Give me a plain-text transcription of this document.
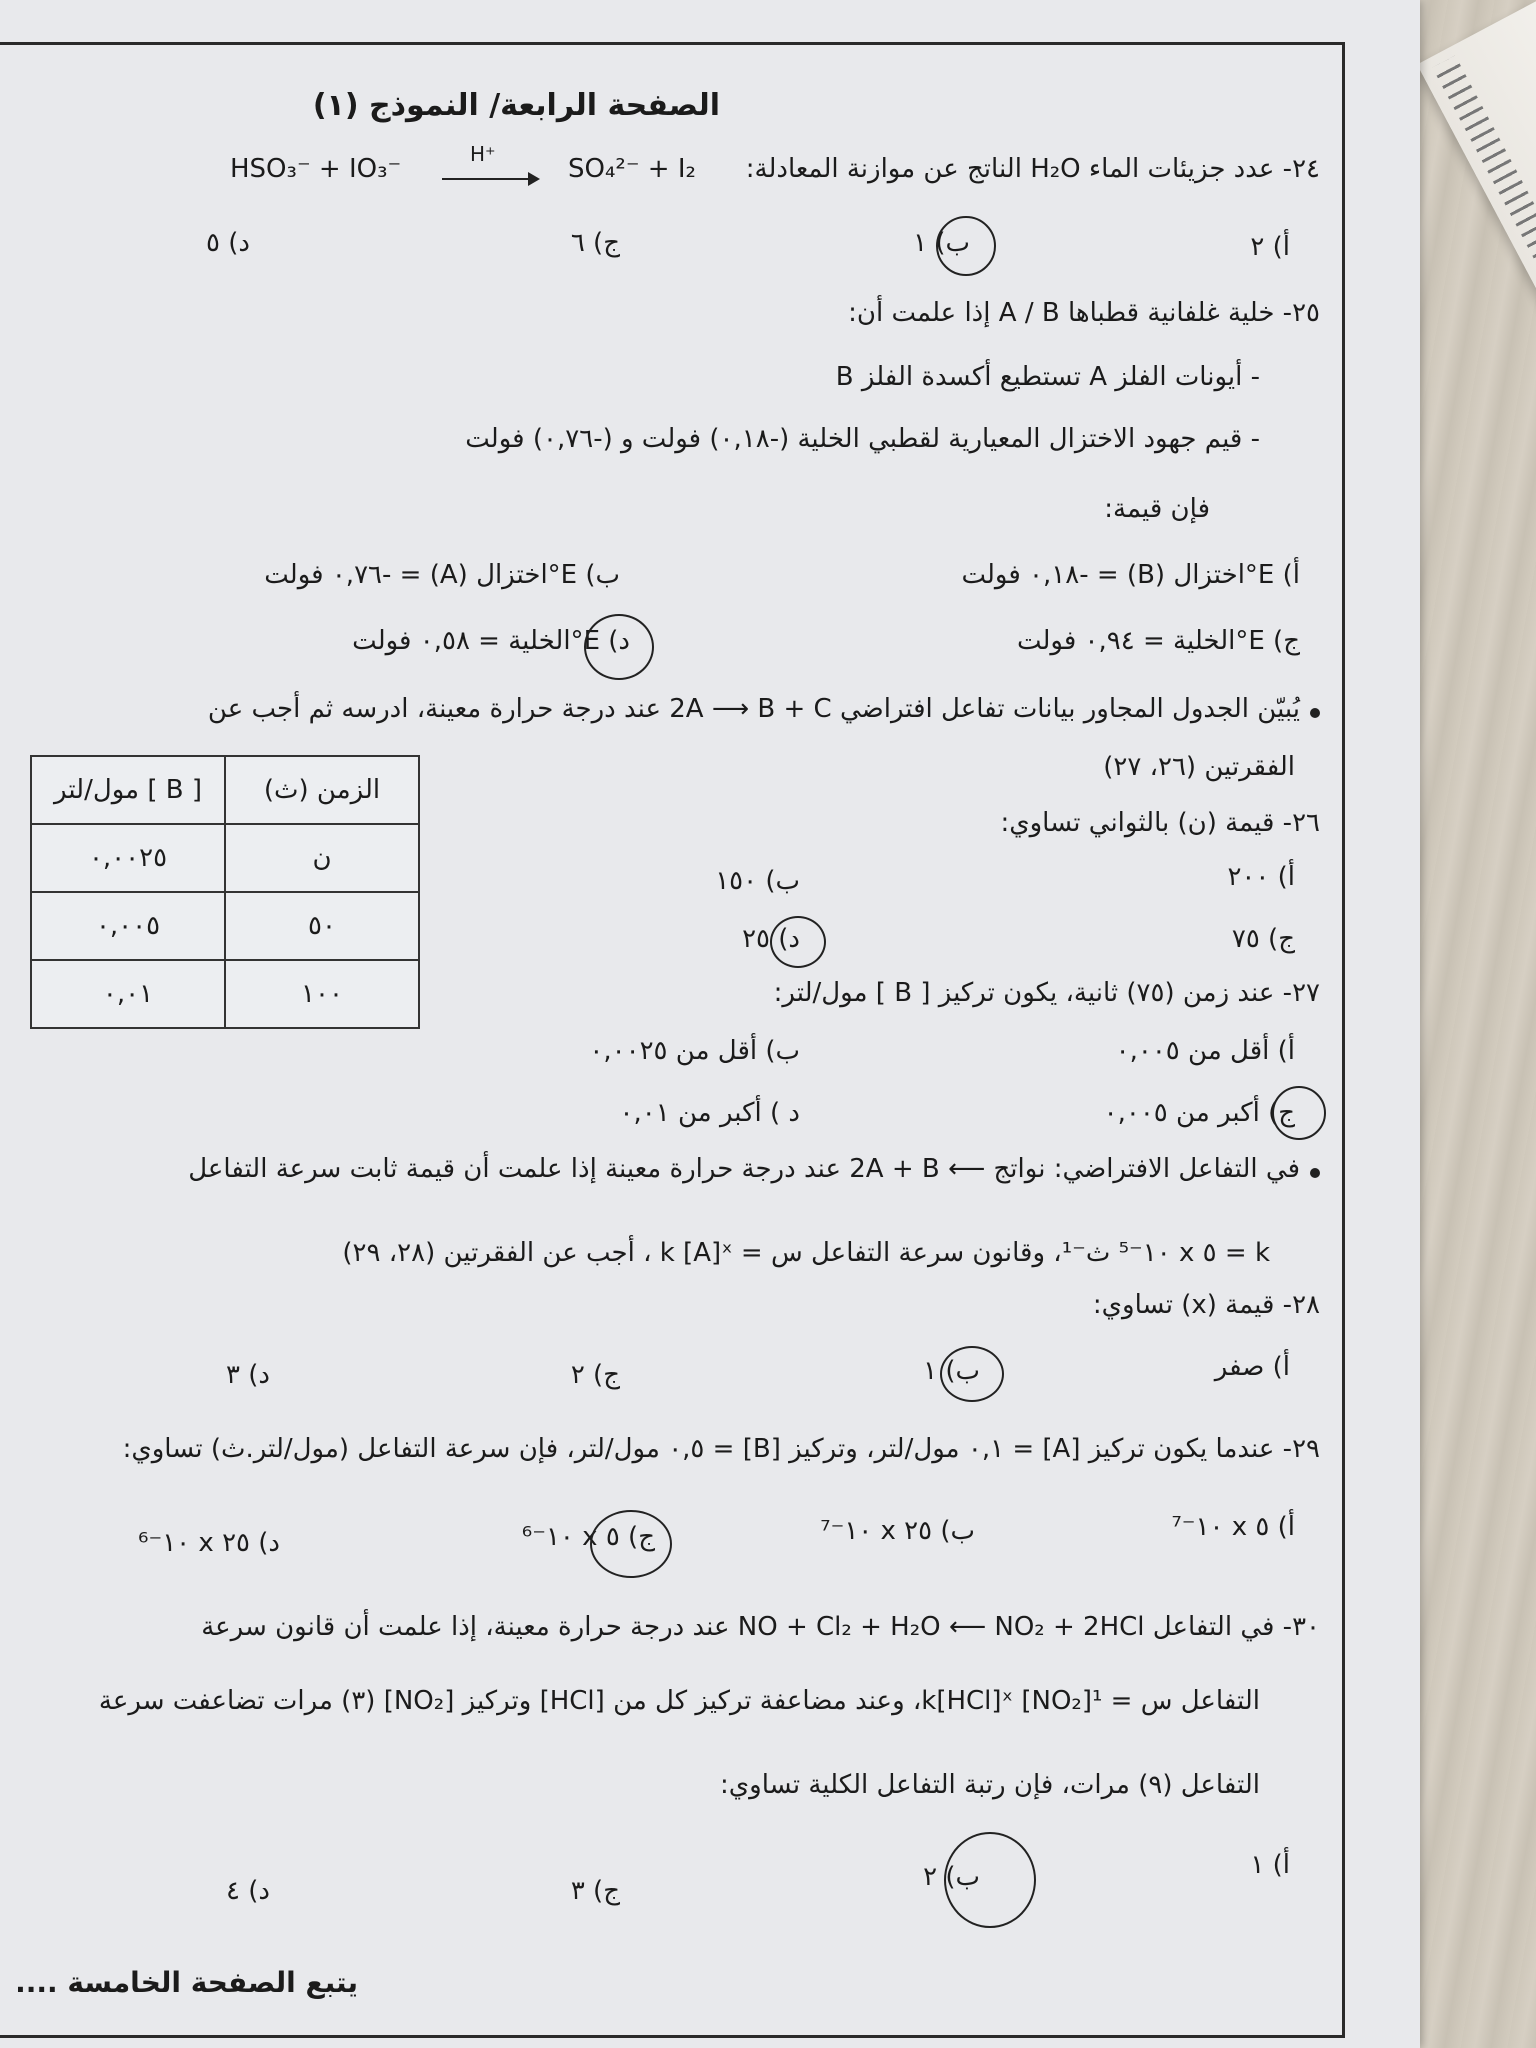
الصفحة الرابعة/ النموذج (١)
٢٤- عدد جزيئات الماء H₂O الناتج عن موازنة المعادلة:
HSO₃⁻ + IO₃⁻	H⁺	SO₄²⁻ + I₂
أ) ٢
ب) ١
ج) ٦
د) ٥
٢٥- خلية غلفانية قطباها A / B إذا علمت أن:
- أيونات الفلز A تستطيع أكسدة الفلز B
- قيم جهود الاختزال المعيارية لقطبي الخلية (-٠,١٨) فولت و (-٠,٧٦) فولت
فإن قيمة:
أ) E°اختزال (B) = -٠,١٨ فولت
ب) E°اختزال (A) = -٠,٧٦ فولت
ج) E°الخلية = ٠,٩٤ فولت
د) E°الخلية = ٠,٥٨ فولت
يُبيّن الجدول المجاور بيانات تفاعل افتراضي 2A ⟶ B + C عند درجة حرارة معينة، ادرسه ثم أجب عن
الفقرتين (٢٦، ٢٧)
الزمن (ث)	[ B ] مول/لتر
ن	٠,٠٠٢٥
٥٠	٠,٠٠٥
١٠٠	٠,٠١
٢٦- قيمة (ن) بالثواني تساوي:
أ) ٢٠٠
ب) ١٥٠
ج) ٧٥
د) ٢٥
٢٧- عند زمن (٧٥) ثانية، يكون تركيز [ B ] مول/لتر:
أ) أقل من ٠,٠٠٥
ب) أقل من ٠,٠٠٢٥
ج) أكبر من ٠,٠٠٥
د ) أكبر من ٠,٠١
في التفاعل الافتراضي: نواتج ⟵ 2A + B عند درجة حرارة معينة إذا علمت أن قيمة ثابت سرعة التفاعل
k = ٥ x ١٠⁻⁵ ث⁻¹، وقانون سرعة التفاعل س = k [A]ˣ ، أجب عن الفقرتين (٢٨، ٢٩)
٢٨- قيمة (x) تساوي:
أ) صفر
ب) ١
ج) ٢
د) ٣
٢٩- عندما يكون تركيز [A] = ٠,١ مول/لتر، وتركيز [B] = ٠,٥ مول/لتر، فإن سرعة التفاعل (مول/لتر.ث) تساوي:
أ) ٥ x ١٠⁻⁷
ب) ٢٥ x ١٠⁻⁷
ج) ٥ x ١٠⁻⁶
د) ٢٥ x ١٠⁻⁶
٣٠- في التفاعل NO + Cl₂ + H₂O ⟵ NO₂ + 2HCl عند درجة حرارة معينة، إذا علمت أن قانون سرعة
التفاعل س = k[HCl]ˣ [NO₂]¹، وعند مضاعفة تركيز كل من [HCl] وتركيز [NO₂] (٣) مرات تضاعفت سرعة
التفاعل (٩) مرات، فإن رتبة التفاعل الكلية تساوي:
أ) ١
ب) ٢
ج) ٣
د) ٤
يتبع الصفحة الخامسة ....
